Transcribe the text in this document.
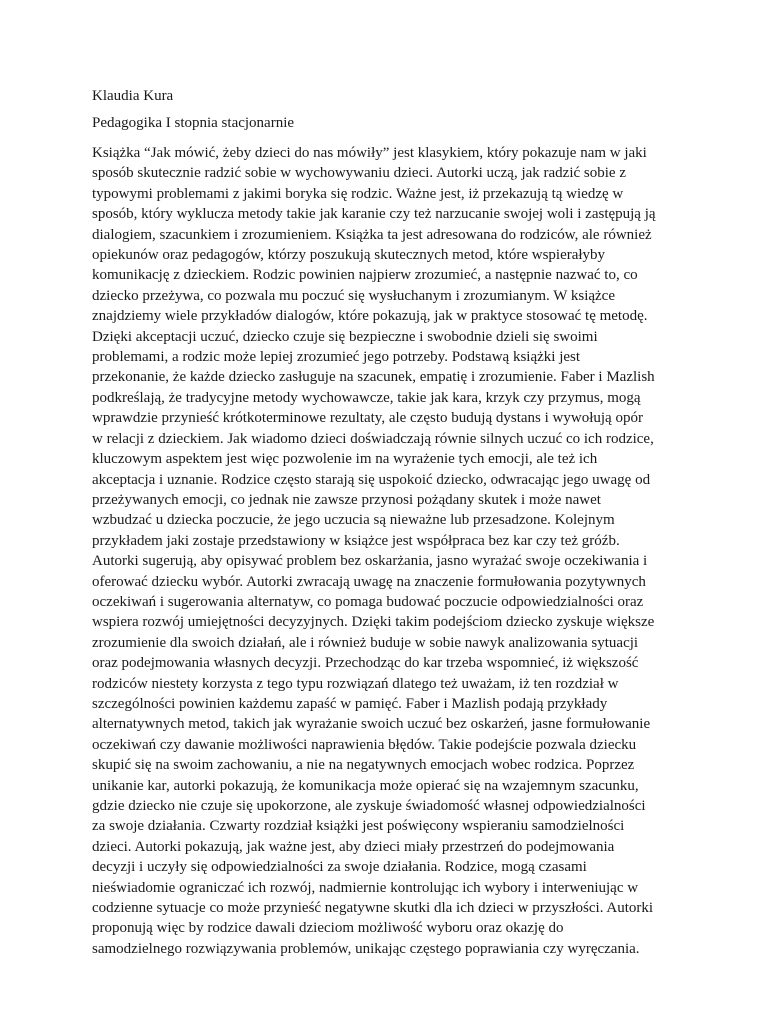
Klaudia Kura

Pedagogika I stopnia stacjonarnie

Książka “Jak mówić, żeby dzieci do nas mówiły” jest klasykiem, który pokazuje nam w jaki
sposób skutecznie radzić sobie w wychowywaniu dzieci. Autorki uczą, jak radzić sobie z
typowymi problemami z jakimi boryka się rodzic. Ważne jest, iż przekazują tą wiedzę w
sposób, który wyklucza metody takie jak karanie czy też narzucanie swojej woli i zastępują ją
dialogiem, szacunkiem i zrozumieniem. Książka ta jest adresowana do rodziców, ale również
opiekunów oraz pedagogów, którzy poszukują skutecznych metod, które wspierałyby
komunikację z dzieckiem. Rodzic powinien najpierw zrozumieć, a następnie nazwać to, co
dziecko przeżywa, co pozwala mu poczuć się wysłuchanym i zrozumianym. W książce
znajdziemy wiele przykładów dialogów, które pokazują, jak w praktyce stosować tę metodę.
Dzięki akceptacji uczuć, dziecko czuje się bezpieczne i swobodnie dzieli się swoimi
problemami, a rodzic może lepiej zrozumieć jego potrzeby. Podstawą książki jest
przekonanie, że każde dziecko zasługuje na szacunek, empatię i zrozumienie. Faber i Mazlish
podkreślają, że tradycyjne metody wychowawcze, takie jak kara, krzyk czy przymus, mogą
wprawdzie przynieść krótkoterminowe rezultaty, ale często budują dystans i wywołują opór
w relacji z dzieckiem. Jak wiadomo dzieci doświadczają równie silnych uczuć co ich rodzice,
kluczowym aspektem jest więc pozwolenie im na wyrażenie tych emocji, ale też ich
akceptacja i uznanie. Rodzice często starają się uspokoić dziecko, odwracając jego uwagę od
przeżywanych emocji, co jednak nie zawsze przynosi pożądany skutek i może nawet
wzbudzać u dziecka poczucie, że jego uczucia są nieważne lub przesadzone. Kolejnym
przykładem jaki zostaje przedstawiony w książce jest współpraca bez kar czy też gróźb.
Autorki sugerują, aby opisywać problem bez oskarżania, jasno wyrażać swoje oczekiwania i
oferować dziecku wybór. Autorki zwracają uwagę na znaczenie formułowania pozytywnych
oczekiwań i sugerowania alternatyw, co pomaga budować poczucie odpowiedzialności oraz
wspiera rozwój umiejętności decyzyjnych. Dzięki takim podejściom dziecko zyskuje większe
zrozumienie dla swoich działań, ale i również buduje w sobie nawyk analizowania sytuacji
oraz podejmowania własnych decyzji. Przechodząc do kar trzeba wspomnieć, iż większość
rodziców niestety korzysta z tego typu rozwiązań dlatego też uważam, iż ten rozdział w
szczególności powinien każdemu zapaść w pamięć. Faber i Mazlish podają przykłady
alternatywnych metod, takich jak wyrażanie swoich uczuć bez oskarżeń, jasne formułowanie
oczekiwań czy dawanie możliwości naprawienia błędów. Takie podejście pozwala dziecku
skupić się na swoim zachowaniu, a nie na negatywnych emocjach wobec rodzica. Poprzez
unikanie kar, autorki pokazują, że komunikacja może opierać się na wzajemnym szacunku,
gdzie dziecko nie czuje się upokorzone, ale zyskuje świadomość własnej odpowiedzialności
za swoje działania. Czwarty rozdział książki jest poświęcony wspieraniu samodzielności
dzieci. Autorki pokazują, jak ważne jest, aby dzieci miały przestrzeń do podejmowania
decyzji i uczyły się odpowiedzialności za swoje działania. Rodzice, mogą czasami
nieświadomie ograniczać ich rozwój, nadmiernie kontrolując ich wybory i interweniując w
codzienne sytuacje co może przynieść negatywne skutki dla ich dzieci w przyszłości. Autorki
proponują więc by rodzice dawali dzieciom możliwość wyboru oraz okazję do
samodzielnego rozwiązywania problemów, unikając częstego poprawiania czy wyręczania.
